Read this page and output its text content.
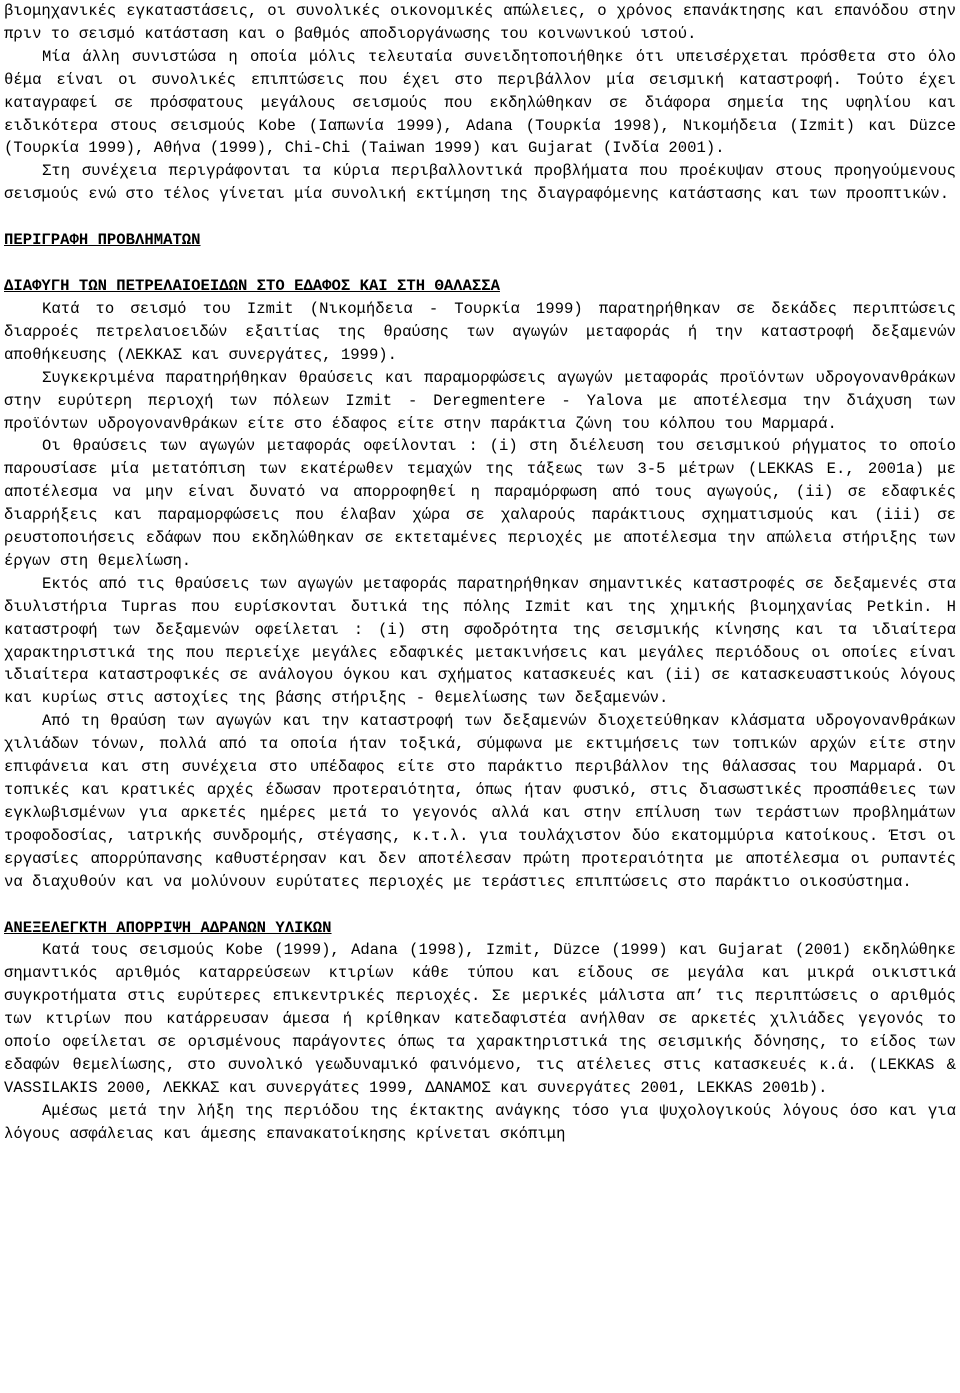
βιομηχανικές εγκαταστάσεις, οι συνολικές οικονομικές απώλειες, ο χρόνος επανάκτησης και επανόδου στην πριν το σεισμό κατάσταση και ο βαθμός αποδιοργάνωσης του κοινωνικού ιστού.

Μία άλλη συνιστώσα η οποία μόλις τελευταία συνειδητοποιήθηκε ότι υπεισέρχεται πρόσθετα στο όλο θέμα είναι οι συνολικές επιπτώσεις που έχει στο περιβάλλον μία σεισμική καταστροφή. Τούτο έχει καταγραφεί σε πρόσφατους μεγάλους σεισμούς που εκδηλώθηκαν σε διάφορα σημεία της υφηλίου και ειδικότερα στους σεισμούς Kobe (Ιαπωνία 1999), Adana (Τουρκία 1998), Νικομήδεια (Izmit) και Düzce (Τουρκία 1999), Αθήνα (1999), Chi-Chi (Taiwan 1999) και Gujarat (Ινδία 2001).

Στη συνέχεια περιγράφονται τα κύρια περιβαλλοντικά προβλήματα που προέκυψαν στους προηγούμενους σεισμούς ενώ στο τέλος γίνεται μία συνολική εκτίμηση της διαγραφόμενης κατάστασης και των προοπτικών.

ΠΕΡΙΓΡΑΦΗ ΠΡΟΒΛΗΜΑΤΩΝ

ΔΙΑΦΥΓΗ ΤΩΝ ΠΕΤΡΕΛΑΙΟΕΙΔΩΝ ΣΤΟ ΕΔΑΦΟΣ ΚΑΙ ΣΤΗ ΘΑΛΑΣΣΑ

Κατά το σεισμό του Izmit (Νικομήδεια - Τουρκία 1999) παρατηρήθηκαν σε δεκάδες περιπτώσεις διαρροές πετρελαιοειδών εξαιτίας της θραύσης των αγωγών μεταφοράς ή την καταστροφή δεξαμενών αποθήκευσης (ΛΕΚΚΑΣ και συνεργάτες, 1999).

Συγκεκριμένα παρατηρήθηκαν θραύσεις και παραμορφώσεις αγωγών μεταφοράς προϊόντων υδρογονανθράκων στην ευρύτερη περιοχή των πόλεων Izmit - Deregmentere - Yalova με αποτέλεσμα την διάχυση των προϊόντων υδρογονανθράκων είτε στο έδαφος είτε στην παράκτια ζώνη του κόλπου του Μαρμαρά.

Οι θραύσεις των αγωγών μεταφοράς οφείλονται : (i) στη διέλευση του σεισμικού ρήγματος το οποίο παρουσίασε μία μετατόπιση των εκατέρωθεν τεμαχών της τάξεως των 3-5 μέτρων (LEKKAS E., 2001a) με αποτέλεσμα να μην είναι δυνατό να απορροφηθεί η παραμόρφωση από τους αγωγούς, (ii) σε εδαφικές διαρρήξεις και παραμορφώσεις που έλαβαν χώρα σε χαλαρούς παράκτιους σχηματισμούς και (iii) σε ρευστοποιήσεις εδάφων που εκδηλώθηκαν σε εκτεταμένες περιοχές με αποτέλεσμα την απώλεια στήριξης των έργων στη θεμελίωση.

Εκτός από τις θραύσεις των αγωγών μεταφοράς παρατηρήθηκαν σημαντικές καταστροφές σε δεξαμενές στα διυλιστήρια Tupras που ευρίσκονται δυτικά της πόλης Izmit και της χημικής βιομηχανίας Petkin. Η καταστροφή των δεξαμενών οφείλεται : (i) στη σφοδρότητα της σεισμικής κίνησης και τα ιδιαίτερα χαρακτηριστικά της που περιείχε μεγάλες εδαφικές μετακινήσεις και μεγάλες περιόδους οι οποίες είναι ιδιαίτερα καταστροφικές σε ανάλογου όγκου και σχήματος κατασκευές και (ii) σε κατασκευαστικούς λόγους και κυρίως στις αστοχίες της βάσης στήριξης - θεμελίωσης των δεξαμενών.

Από τη θραύση των αγωγών και την καταστροφή των δεξαμενών διοχετεύθηκαν κλάσματα υδρογονανθράκων χιλιάδων τόνων, πολλά από τα οποία ήταν τοξικά, σύμφωνα με εκτιμήσεις των τοπικών αρχών είτε στην επιφάνεια και στη συνέχεια στο υπέδαφος είτε στο παράκτιο περιβάλλον της θάλασσας του Μαρμαρά. Οι τοπικές και κρατικές αρχές έδωσαν προτεραιότητα, όπως ήταν φυσικό, στις διασωστικές προσπάθειες των εγκλωβισμένων για αρκετές ημέρες μετά το γεγονός αλλά και στην επίλυση των τεράστιων προβλημάτων τροφοδοσίας, ιατρικής συνδρομής, στέγασης, κ.τ.λ. για τουλάχιστον δύο εκατομμύρια κατοίκους. Έτσι οι εργασίες απορρύπανσης καθυστέρησαν και δεν αποτέλεσαν πρώτη προτεραιότητα με αποτέλεσμα οι ρυπαντές να διαχυθούν και να μολύνουν ευρύτατες περιοχές με τεράστιες επιπτώσεις στο παράκτιο οικοσύστημα.

ΑΝΕΞΕΛΕΓΚΤΗ ΑΠΟΡΡΙΨΗ ΑΔΡΑΝΩΝ ΥΛΙΚΩΝ

Κατά τους σεισμούς Kobe (1999), Adana (1998), Izmit, Düzce (1999) και Gujarat (2001) εκδηλώθηκε σημαντικός αριθμός καταρρεύσεων κτιρίων κάθε τύπου και είδους σε μεγάλα και μικρά οικιστικά συγκροτήματα στις ευρύτερες επικεντρικές περιοχές. Σε μερικές μάλιστα απ’ τις περιπτώσεις ο αριθμός των κτιρίων που κατάρρευσαν άμεσα ή κρίθηκαν κατεδαφιστέα ανήλθαν σε αρκετές χιλιάδες γεγονός το οποίο οφείλεται σε ορισμένους παράγοντες όπως τα χαρακτηριστικά της σεισμικής δόνησης, το είδος των εδαφών θεμελίωσης, στο συνολικό γεωδυναμικό φαινόμενο, τις ατέλειες στις κατασκευές κ.ά. (LEKKAS & VASSILAKIS 2000, ΛΕΚΚΑΣ και συνεργάτες 1999, ΔΑΝΑΜΟΣ και συνεργάτες 2001, LEKKAS 2001b).

Αμέσως μετά την λήξη της περιόδου της έκτακτης ανάγκης τόσο για ψυχολογικούς λόγους όσο και για λόγους ασφάλειας και άμεσης επανακατοίκησης κρίνεται σκόπιμη
